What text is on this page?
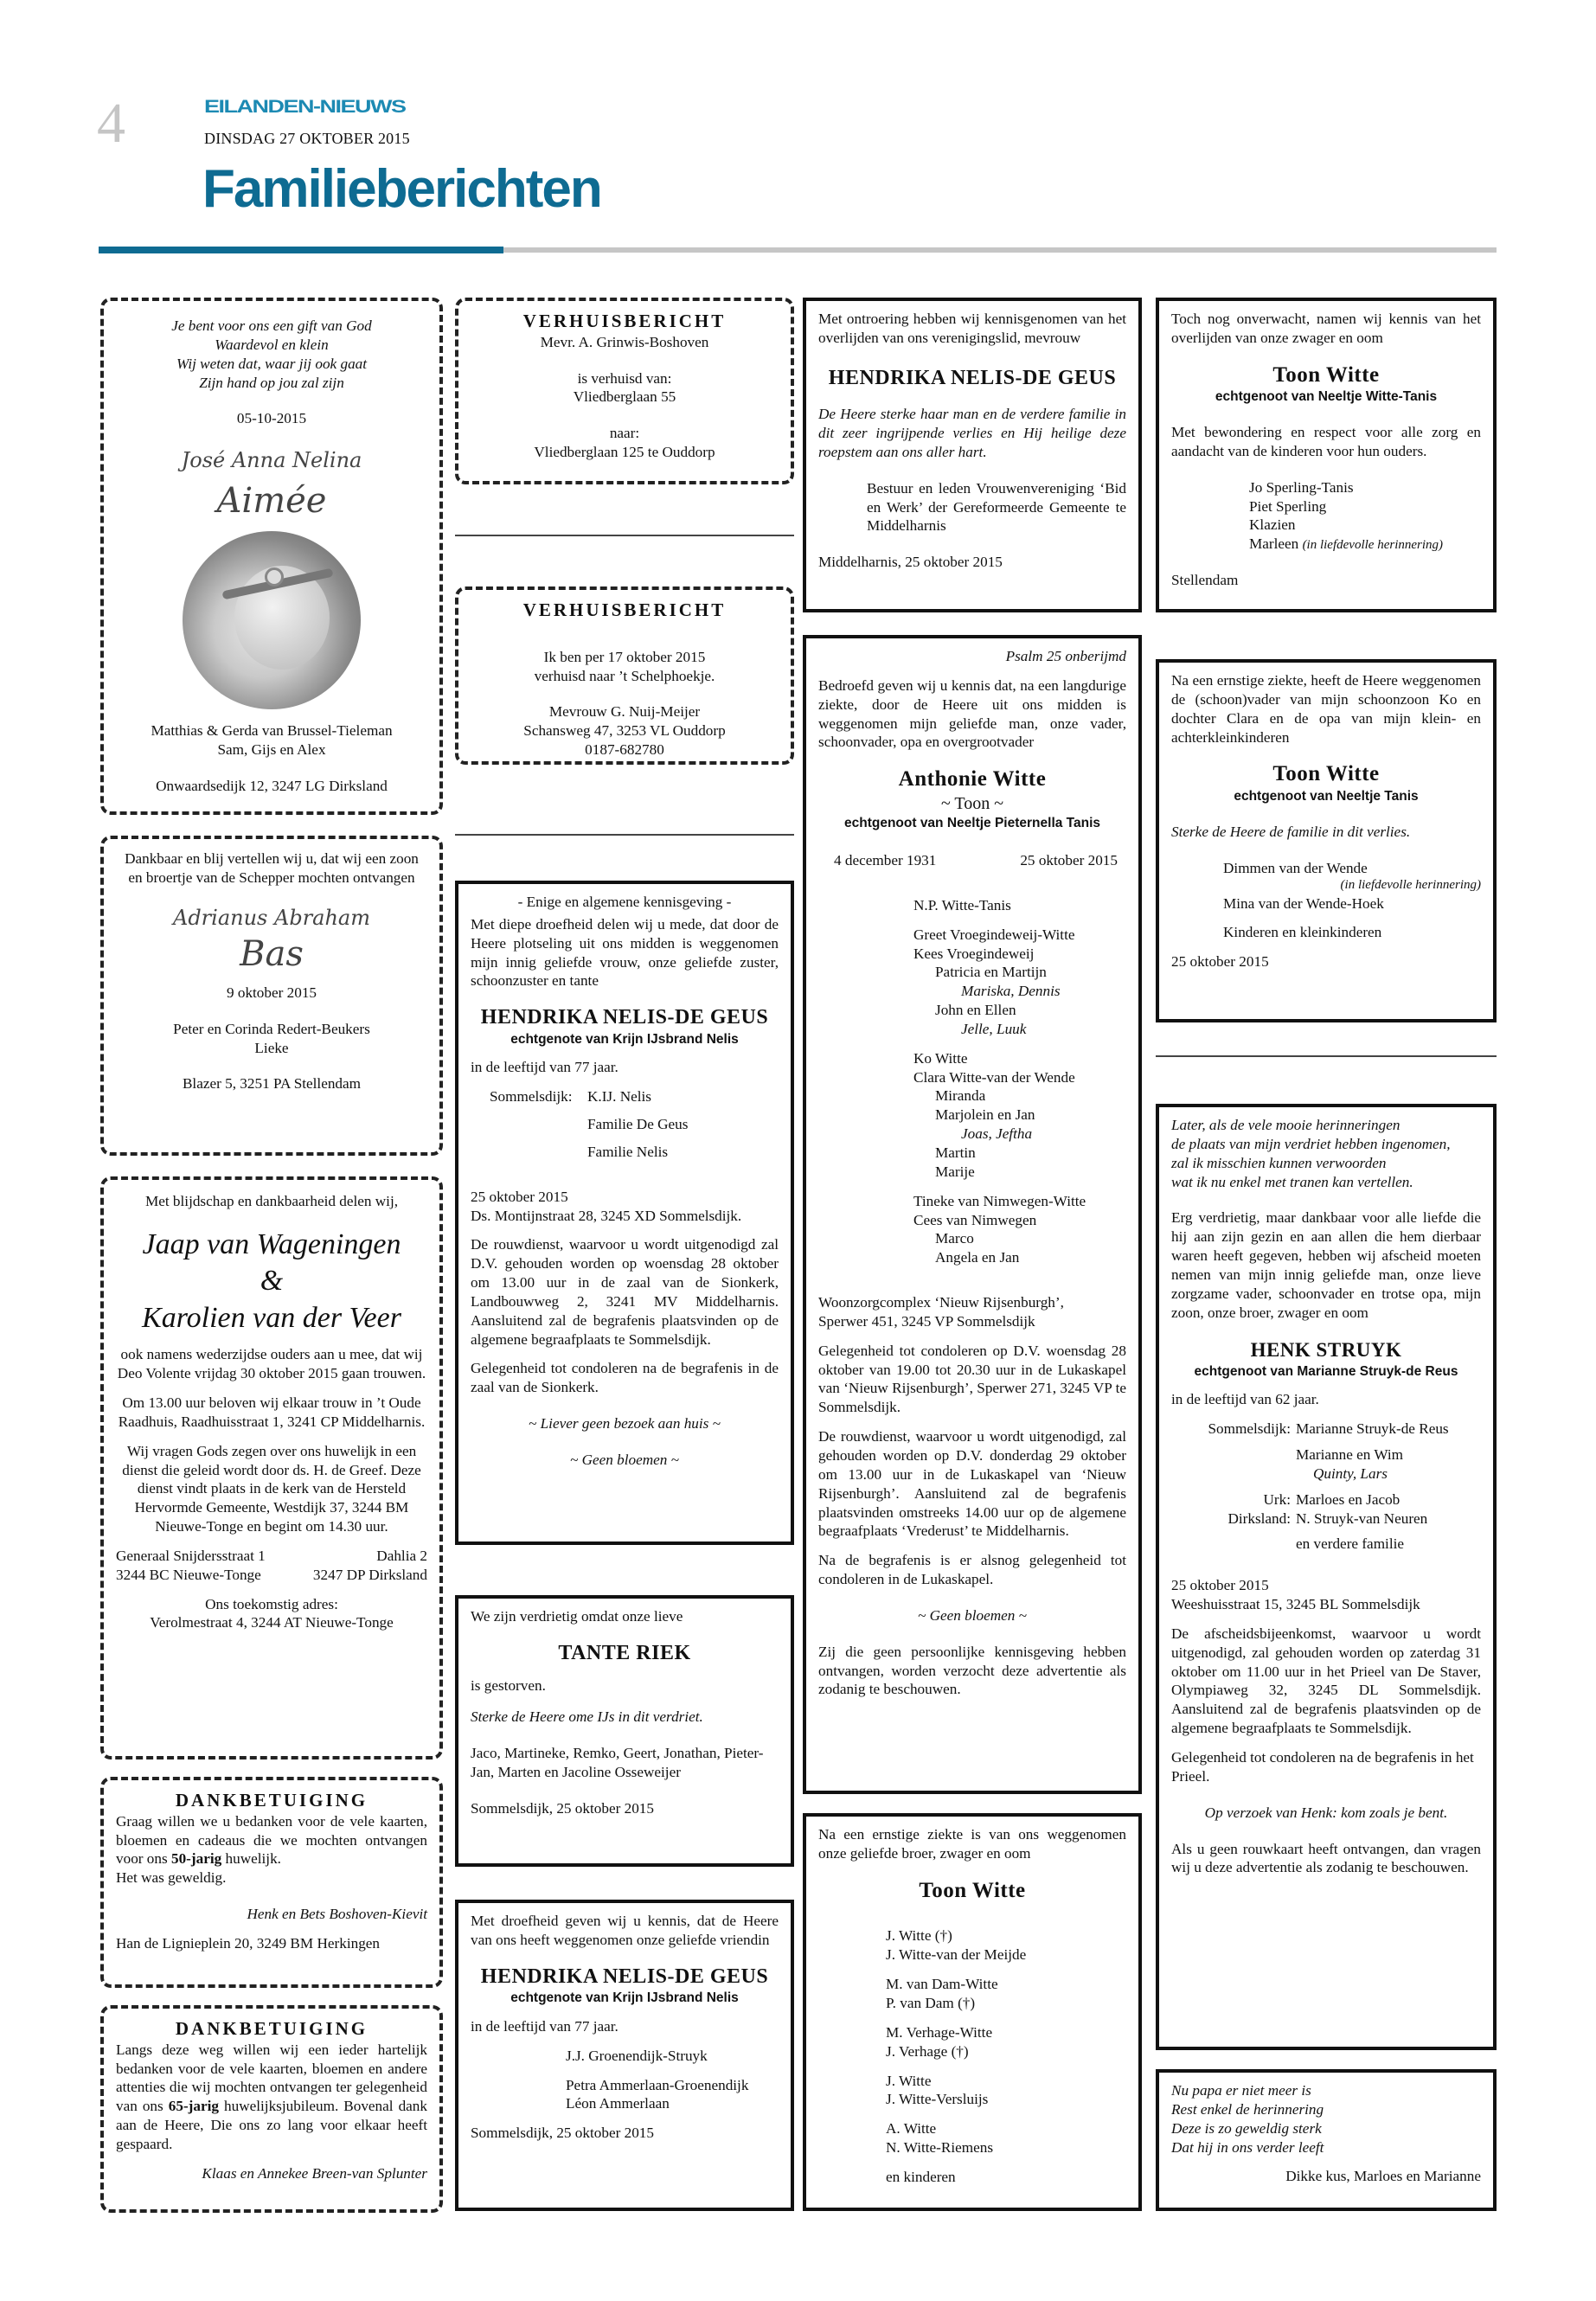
4	EILANDEN-NIEUWS
DINSDAG 27 OKTOBER 2015
Familieberichten
Je bent voor ons een gift van God
Waardevol en klein
Wij weten dat, waar jij ook gaat
Zijn hand op jou zal zijn
05-10-2015
José Anna Nelina
Aimée
Matthias & Gerda van Brussel-Tieleman
Sam, Gijs en Alex
Onwaardsedijk 12, 3247 LG Dirksland
Dankbaar en blij vertellen wij u, dat wij een zoon en broertje van de Schepper mochten ontvangen
Adrianus Abraham
Bas
9 oktober 2015
Peter en Corinda Redert-Beukers
Lieke
Blazer 5, 3251 PA Stellendam
Met blijdschap en dankbaarheid delen wij,
Jaap van Wageningen
&
Karolien van der Veer
ook namens wederzijdse ouders aan u mee, dat wij Deo Volente vrijdag 30 oktober 2015 gaan trouwen.
Om 13.00 uur beloven wij elkaar trouw in ’t Oude Raadhuis, Raadhuisstraat 1, 3241 CP Middelharnis.
Wij vragen Gods zegen over ons huwelijk in een dienst die geleid wordt door ds. H. de Greef. Deze dienst vindt plaats in de kerk van de Hersteld Hervormde Gemeente, Westdijk 37, 3244 BM Nieuwe-Tonge en begint om 14.30 uur.
Generaal Snijdersstraat 1
3244 BC Nieuwe-Tonge
Dahlia 2
3247 DP Dirksland
Ons toekomstig adres:
Verolmestraat 4, 3244 AT Nieuwe-Tonge
DANKBETUIGING
Graag willen we u bedanken voor de vele kaarten, bloemen en cadeaus die we mochten ontvangen voor ons 50-jarig huwelijk.
Het was geweldig.
Henk en Bets Boshoven-Kievit
Han de Lignieplein 20, 3249 BM Herkingen
DANKBETUIGING
Langs deze weg willen wij een ieder hartelijk bedanken voor de vele kaarten, bloemen en andere attenties die wij mochten ontvangen ter gelegenheid van ons 65-jarig huwelijksjubileum. Bovenal dank aan de Heere, Die ons zo lang voor elkaar heeft gespaard.
Klaas en Annekee Breen-van Splunter
VERHUISBERICHT
Mevr. A. Grinwis-Boshoven
is verhuisd van:
Vliedberglaan 55
naar:
Vliedberglaan 125 te Ouddorp
VERHUISBERICHT
Ik ben per 17 oktober 2015
verhuisd naar ’t Schelphoekje.
Mevrouw G. Nuij-Meijer
Schansweg 47, 3253 VL Ouddorp
0187-682780
- Enige en algemene kennisgeving -
Met diepe droefheid delen wij u mede, dat door de Heere plotseling uit ons midden is weggenomen mijn innig geliefde vrouw, onze geliefde zuster, schoonzuster en tante
HENDRIKA NELIS-DE GEUS
echtgenote van Krijn IJsbrand Nelis
in de leeftijd van 77 jaar.
Sommelsdijk: K.IJ. Nelis
Familie De Geus
Familie Nelis
25 oktober 2015
Ds. Montijnstraat 28, 3245 XD Sommelsdijk.
De rouwdienst, waarvoor u wordt uitgenodigd zal D.V. gehouden worden op woensdag 28 oktober om 13.00 uur in de zaal van de Sionkerk, Landbouwweg 2, 3241 MV Middelharnis. Aansluitend zal de begrafenis plaatsvinden op de algemene begraafplaats te Sommelsdijk.
Gelegenheid tot condoleren na de begrafenis in de zaal van de Sionkerk.
~ Liever geen bezoek aan huis ~
~ Geen bloemen ~
We zijn verdrietig omdat onze lieve
TANTE RIEK
is gestorven.
Sterke de Heere ome IJs in dit verdriet.
Jaco, Martineke, Remko, Geert, Jonathan, Pieter-Jan, Marten en Jacoline Osseweijer
Sommelsdijk, 25 oktober 2015
Met droefheid geven wij u kennis, dat de Heere van ons heeft weggenomen onze geliefde vriendin
HENDRIKA NELIS-DE GEUS
echtgenote van Krijn IJsbrand Nelis
in de leeftijd van 77 jaar.
J.J. Groenendijk-Struyk
Petra Ammerlaan-Groenendijk
Léon Ammerlaan
Sommelsdijk, 25 oktober 2015
Met ontroering hebben wij kennisgenomen van het overlijden van ons verenigingslid, mevrouw
HENDRIKA NELIS-DE GEUS
De Heere sterke haar man en de verdere familie in dit zeer ingrijpende verlies en Hij heilige deze roepstem aan ons aller hart.
Bestuur en leden Vrouwenvereniging ‘Bid en Werk’ der Gereformeerde Gemeente te Middelharnis
Middelharnis, 25 oktober 2015
Psalm 25 onberijmd
Bedroefd geven wij u kennis dat, na een langdurige ziekte, door de Heere uit ons midden is weggenomen mijn geliefde man, onze vader, schoonvader, opa en overgrootvader
Anthonie Witte
~ Toon ~
echtgenoot van Neeltje Pieternella Tanis
4 december 1931	25 oktober 2015
N.P. Witte-Tanis
Greet Vroegindeweij-Witte
Kees Vroegindeweij
Patricia en Martijn
Mariska, Dennis
John en Ellen
Jelle, Luuk
Ko Witte
Clara Witte-van der Wende
Miranda
Marjolein en Jan
Joas, Jeftha
Martin
Marije
Tineke van Nimwegen-Witte
Cees van Nimwegen
Marco
Angela en Jan
Woonzorgcomplex ‘Nieuw Rijsenburgh’,
Sperwer 451, 3245 VP Sommelsdijk
Gelegenheid tot condoleren op D.V. woensdag 28 oktober van 19.00 tot 20.30 uur in de Lukaskapel van ‘Nieuw Rijsenburgh’, Sperwer 271, 3245 VP te Sommelsdijk.
De rouwdienst, waarvoor u wordt uitgenodigd, zal gehouden worden op D.V. donderdag 29 oktober om 13.00 uur in de Lukaskapel van ‘Nieuw Rijsenburgh’. Aansluitend zal de begrafenis plaatsvinden omstreeks 14.00 uur op de algemene begraafplaats ‘Vrederust’ te Middelharnis.
Na de begrafenis is er alsnog gelegenheid tot condoleren in de Lukaskapel.
~ Geen bloemen ~
Zij die geen persoonlijke kennisgeving hebben ontvangen, worden verzocht deze advertentie als zodanig te beschouwen.
Na een ernstige ziekte is van ons weggenomen onze geliefde broer, zwager en oom
Toon Witte
J. Witte (†)
J. Witte-van der Meijde
M. van Dam-Witte
P. van Dam (†)
M. Verhage-Witte
J. Verhage (†)
J. Witte
J. Witte-Versluijs
A. Witte
N. Witte-Riemens
en kinderen
Toch nog onverwacht, namen wij kennis van het overlijden van onze zwager en oom
Toon Witte
echtgenoot van Neeltje Witte-Tanis
Met bewondering en respect voor alle zorg en aandacht van de kinderen voor hun ouders.
Jo Sperling-Tanis
Piet Sperling
Klazien
Marleen (in liefdevolle herinnering)
Stellendam
Na een ernstige ziekte, heeft de Heere weggenomen de (schoon)vader van mijn schoonzoon Ko en dochter Clara en de opa van mijn klein- en achterkleinkinderen
Toon Witte
echtgenoot van Neeltje Tanis
Sterke de Heere de familie in dit verlies.
Dimmen van der Wende
(in liefdevolle herinnering)
Mina van der Wende-Hoek
Kinderen en kleinkinderen
25 oktober 2015
Later, als de vele mooie herinneringen
de plaats van mijn verdriet hebben ingenomen,
zal ik misschien kunnen verwoorden
wat ik nu enkel met tranen kan vertellen.
Erg verdrietig, maar dankbaar voor alle liefde die hij aan zijn gezin en aan allen die hem dierbaar waren heeft gegeven, hebben wij afscheid moeten nemen van mijn innig geliefde man, onze lieve zorgzame vader, schoonvader en trotse opa, mijn zoon, onze broer, zwager en oom
HENK STRUYK
echtgenoot van Marianne Struyk-de Reus
in de leeftijd van 62 jaar.
Sommelsdijk: Marianne Struyk-de Reus
Marianne en Wim
Quinty, Lars
Urk: Marloes en Jacob
Dirksland: N. Struyk-van Neuren
en verdere familie
25 oktober 2015
Weeshuisstraat 15, 3245 BL Sommelsdijk
De afscheidsbijeenkomst, waarvoor u wordt uitgenodigd, zal gehouden worden op zaterdag 31 oktober om 11.00 uur in het Prieel van De Staver, Olympiaweg 32, 3245 DL Sommelsdijk. Aansluitend zal de begrafenis plaatsvinden op de algemene begraafplaats te Sommelsdijk.
Gelegenheid tot condoleren na de begrafenis in het Prieel.
Op verzoek van Henk: kom zoals je bent.
Als u geen rouwkaart heeft ontvangen, dan vragen wij u deze advertentie als zodanig te beschouwen.
Nu papa er niet meer is
Rest enkel de herinnering
Deze is zo geweldig sterk
Dat hij in ons verder leeft
Dikke kus, Marloes en Marianne
